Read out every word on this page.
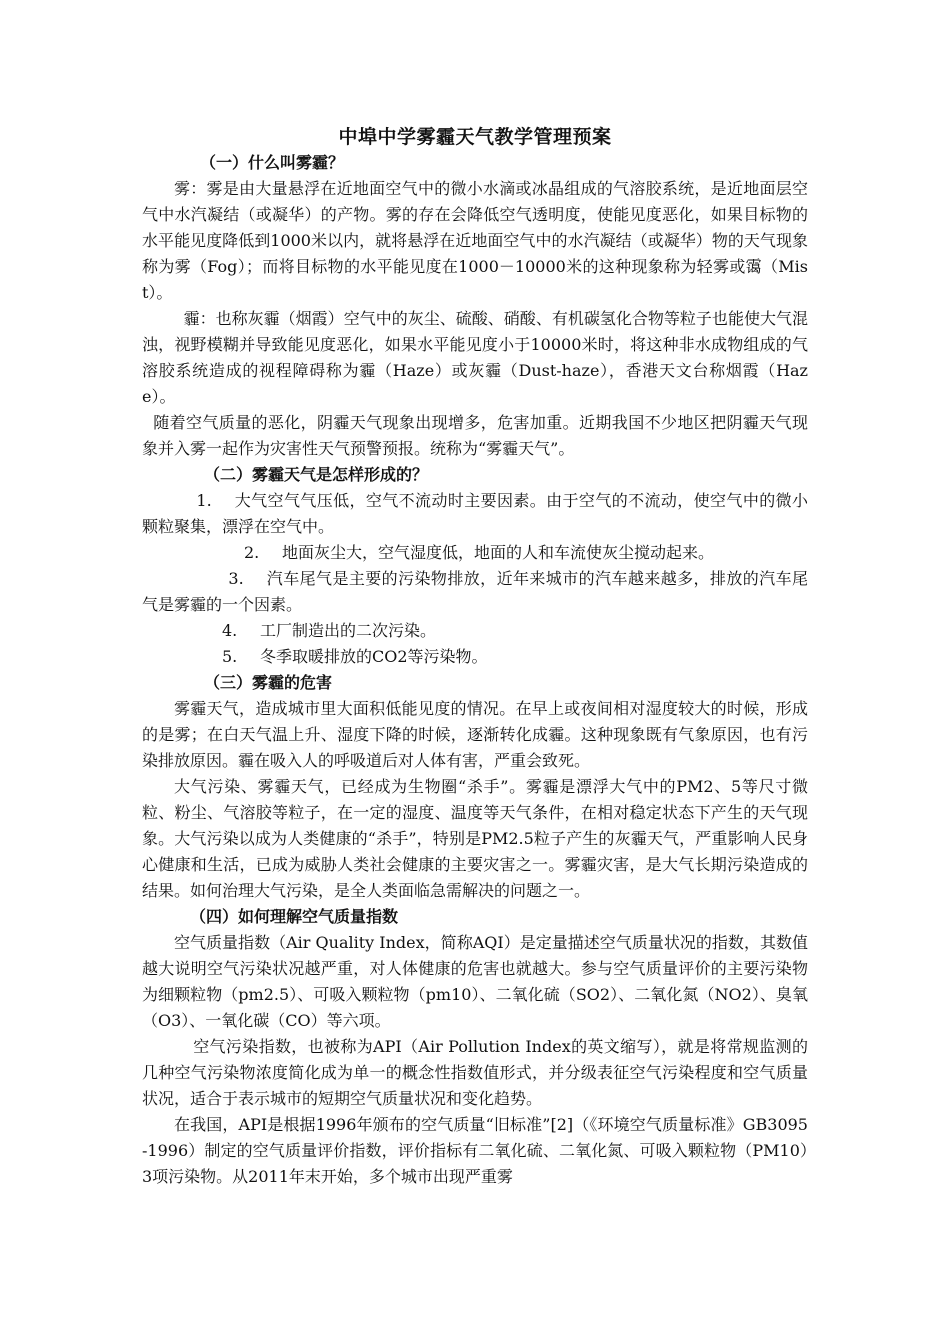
中埠中学雾霾天气教学管理预案
（一）什么叫雾霾？

雾：雾是由大量悬浮在近地面空气中的微小水滴或冰晶组成的气溶胶系统，是近地面层空气中水汽凝结（或凝华）的产物。雾的存在会降低空气透明度，使能见度恶化，如果目标物的水平能见度降低到1000米以内，就将悬浮在近地面空气中的水汽凝结（或凝华）物的天气现象称为雾（Fog）；而将目标物的水平能见度在1000－10000米的这种现象称为轻雾或霭（Mist）。

霾：也称灰霾（烟霞）空气中的灰尘、硫酸、硝酸、有机碳氢化合物等粒子也能使大气混浊，视野模糊并导致能见度恶化，如果水平能见度小于10000米时，将这种非水成物组成的气溶胶系统造成的视程障碍称为霾（Haze）或灰霾（Dust-haze），香港天文台称烟霞（Haze）。

随着空气质量的恶化，阴霾天气现象出现增多，危害加重。近期我国不少地区把阴霾天气现象并入雾一起作为灾害性天气预警预报。统称为“雾霾天气”。

（二）雾霾天气是怎样形成的？

1. 大气空气气压低，空气不流动时主要因素。由于空气的不流动，使空气中的微小颗粒聚集，漂浮在空气中。

2. 地面灰尘大，空气湿度低，地面的人和车流使灰尘搅动起来。

3. 汽车尾气是主要的污染物排放，近年来城市的汽车越来越多，排放的汽车尾气是雾霾的一个因素。

4. 工厂制造出的二次污染。

5. 冬季取暖排放的CO2等污染物。

（三）雾霾的危害

雾霾天气，造成城市里大面积低能见度的情况。在早上或夜间相对湿度较大的时候，形成的是雾；在白天气温上升、湿度下降的时候，逐渐转化成霾。这种现象既有气象原因，也有污染排放原因。霾在吸入人的呼吸道后对人体有害，严重会致死。

大气污染、雾霾天气，已经成为生物圈“杀手”。雾霾是漂浮大气中的PM2、5等尺寸微粒、粉尘、气溶胶等粒子，在一定的湿度、温度等天气条件，在相对稳定状态下产生的天气现象。大气污染以成为人类健康的“杀手”，特别是PM2.5粒子产生的灰霾天气，严重影响人民身心健康和生活，已成为威胁人类社会健康的主要灾害之一。雾霾灾害，是大气长期污染造成的结果。如何治理大气污染，是全人类面临急需解决的问题之一。

（四）如何理解空气质量指数

空气质量指数（Air Quality Index，简称AQI）是定量描述空气质量状况的指数，其数值越大说明空气污染状况越严重，对人体健康的危害也就越大。参与空气质量评价的主要污染物为细颗粒物（pm2.5）、可吸入颗粒物（pm10）、二氧化硫（SO2）、二氧化氮（NO2）、臭氧（O3）、一氧化碳（CO）等六项。

空气污染指数，也被称为API（Air Pollution Index的英文缩写），就是将常规监测的几种空气污染物浓度简化成为单一的概念性指数值形式，并分级表征空气污染程度和空气质量状况，适合于表示城市的短期空气质量状况和变化趋势。

在我国，API是根据1996年颁布的空气质量“旧标准”[2]（《环境空气质量标准》GB3095-1996）制定的空气质量评价指数，评价指标有二氧化硫、二氧化氮、可吸入颗粒物（PM10）3项污染物。从2011年末开始，多个城市出现严重雾
